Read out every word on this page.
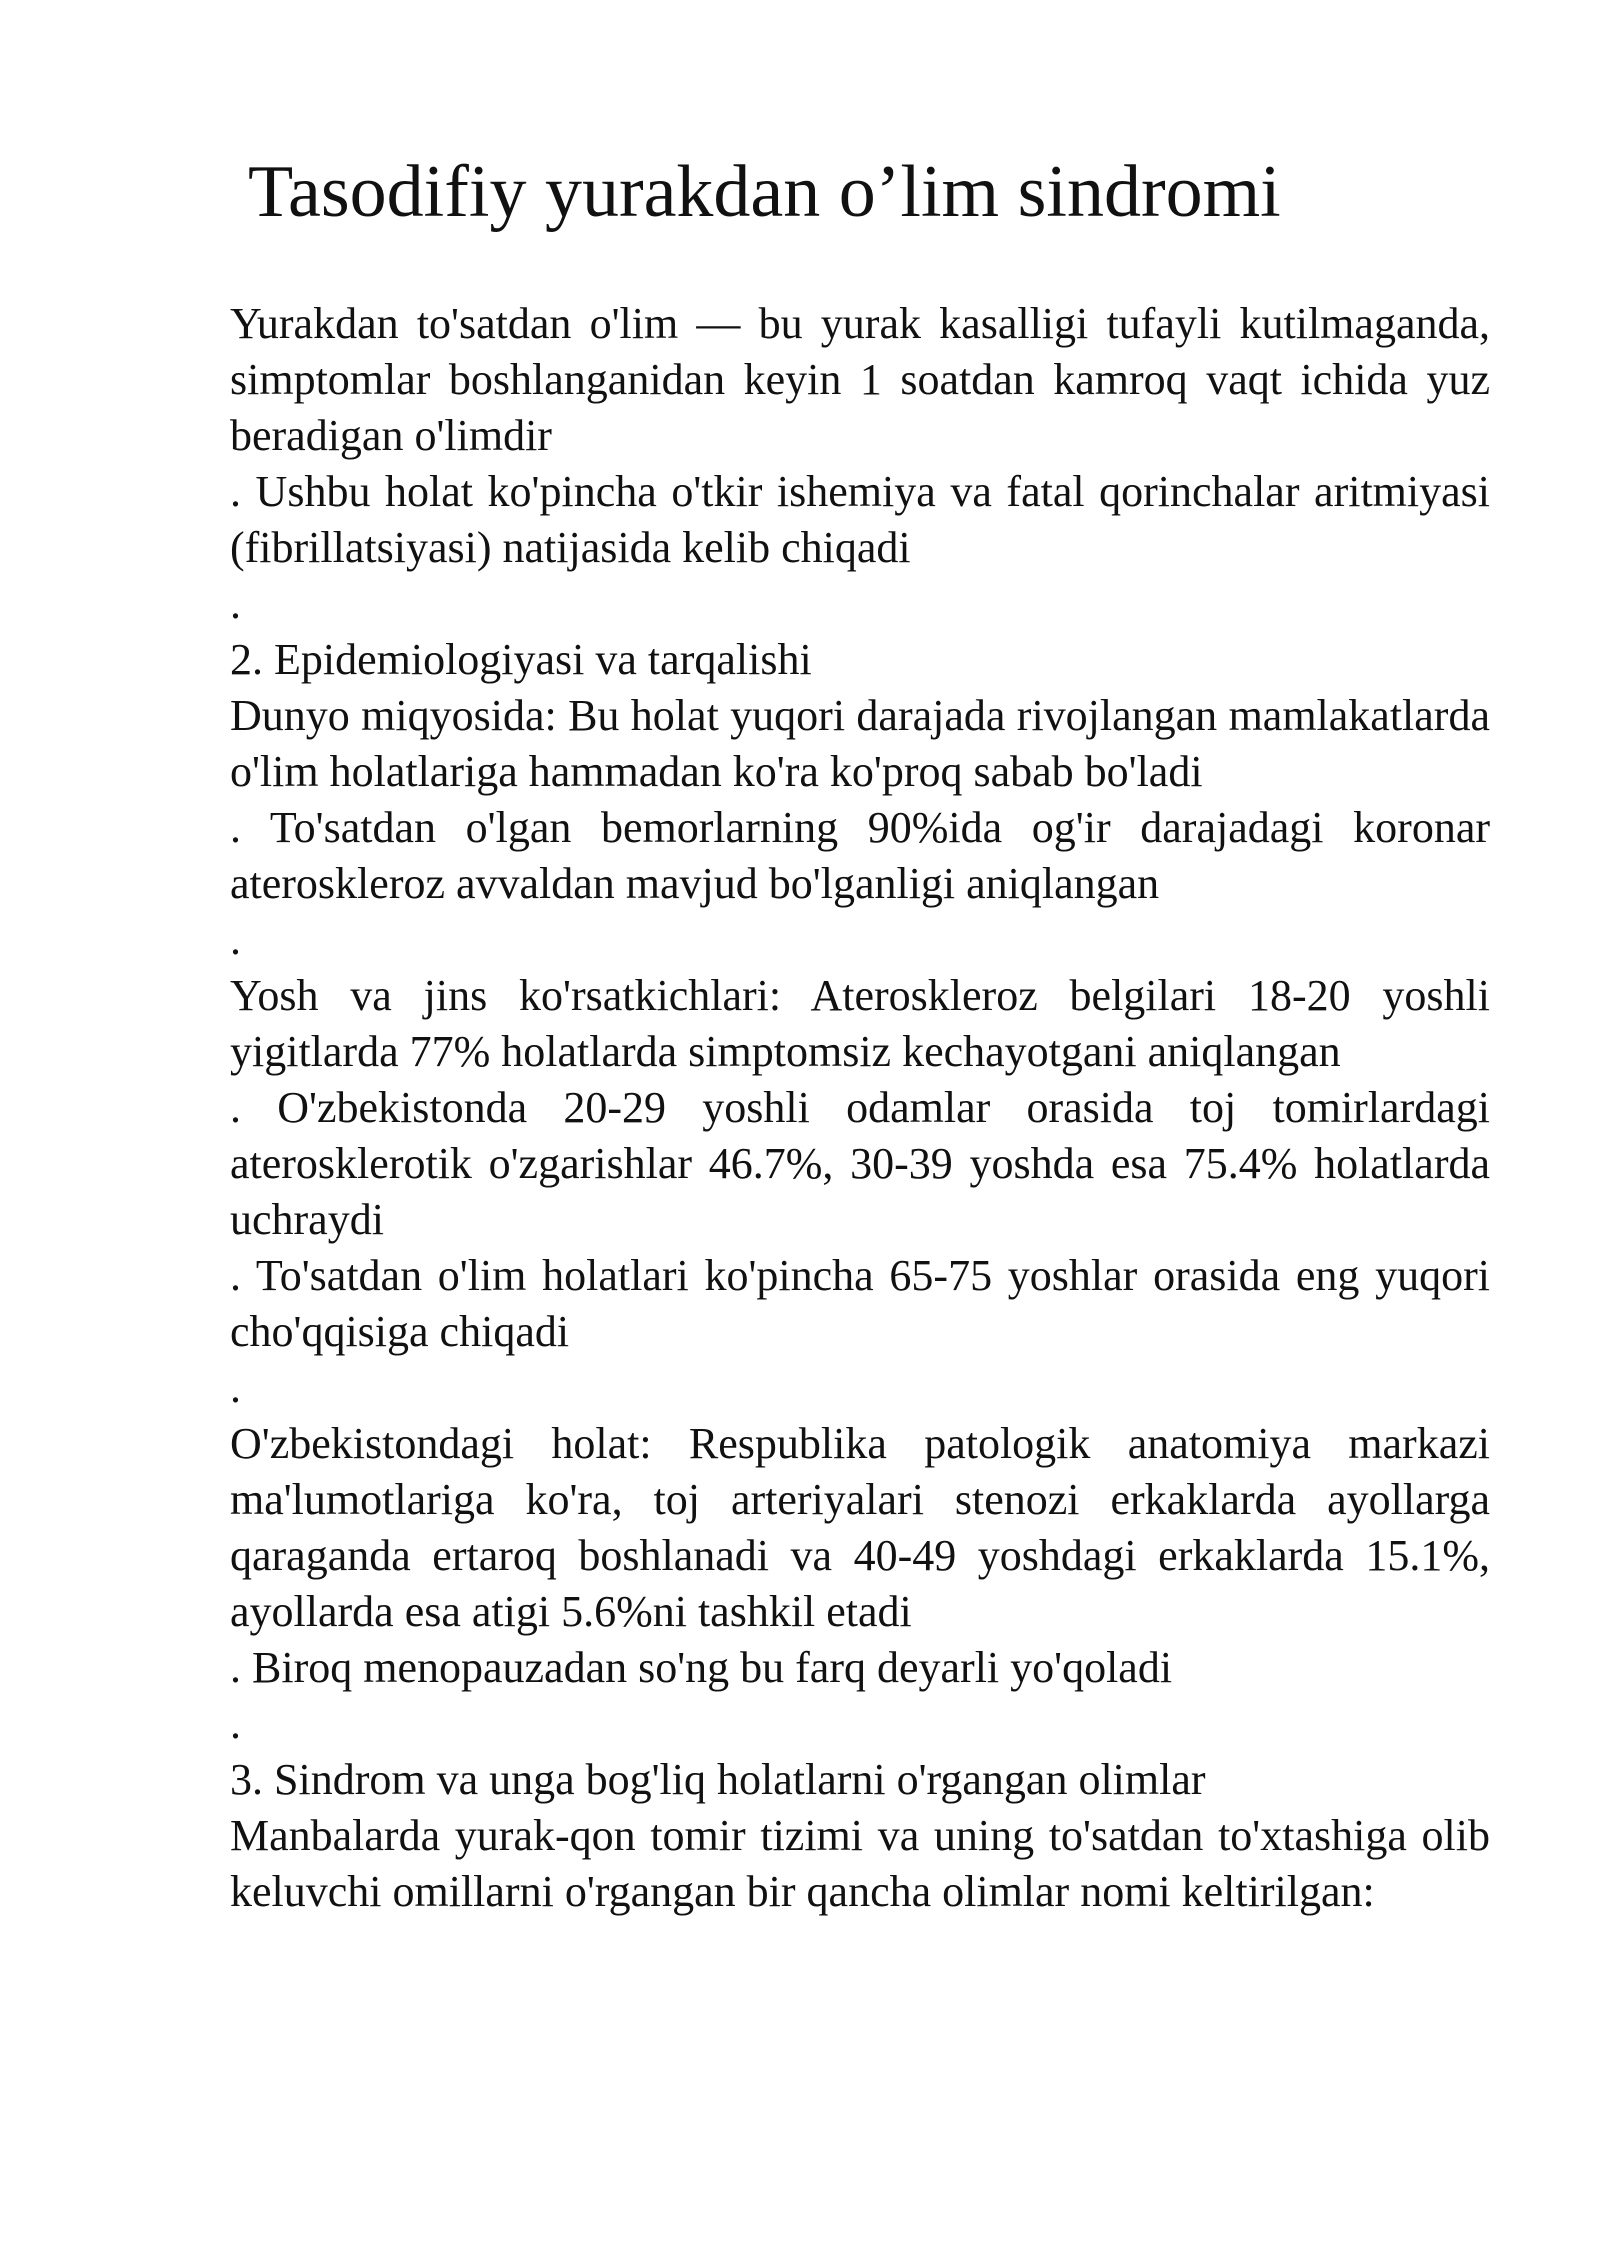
Tasodifiy yurakdan o’lim sindromi

Yurakdan to'satdan o'lim — bu yurak kasalligi tufayli kutilmaganda, simptomlar boshlanganidan keyin 1 soatdan kamroq vaqt ichida yuz beradigan o'limdir

. Ushbu holat ko'pincha o'tkir ishemiya va fatal qorinchalar aritmiyasi (fibrillatsiyasi) natijasida kelib chiqadi

.

2. Epidemiologiyasi va tarqalishi

Dunyo miqyosida: Bu holat yuqori darajada rivojlangan mamlakatlarda o'lim holatlariga hammadan ko'ra ko'proq sabab bo'ladi

. To'satdan o'lgan bemorlarning 90%ida og'ir darajadagi koronar ateroskleroz avvaldan mavjud bo'lganligi aniqlangan

.

Yosh va jins ko'rsatkichlari: Ateroskleroz belgilari 18-20 yoshli yigitlarda 77% holatlarda simptomsiz kechayotgani aniqlangan

. O'zbekistonda 20-29 yoshli odamlar orasida toj tomirlardagi aterosklerotik o'zgarishlar 46.7%, 30-39 yoshda esa 75.4% holatlarda uchraydi

. To'satdan o'lim holatlari ko'pincha 65-75 yoshlar orasida eng yuqori cho'qqisiga chiqadi

.

O'zbekistondagi holat: Respublika patologik anatomiya markazi ma'lumotlariga ko'ra, toj arteriyalari stenozi erkaklarda ayollarga qaraganda ertaroq boshlanadi va 40-49 yoshdagi erkaklarda 15.1%, ayollarda esa atigi 5.6%ni tashkil etadi

. Biroq menopauzadan so'ng bu farq deyarli yo'qoladi

.

3. Sindrom va unga bog'liq holatlarni o'rgangan olimlar

Manbalarda yurak-qon tomir tizimi va uning to'satdan to'xtashiga olib keluvchi omillarni o'rgangan bir qancha olimlar nomi keltirilgan:
